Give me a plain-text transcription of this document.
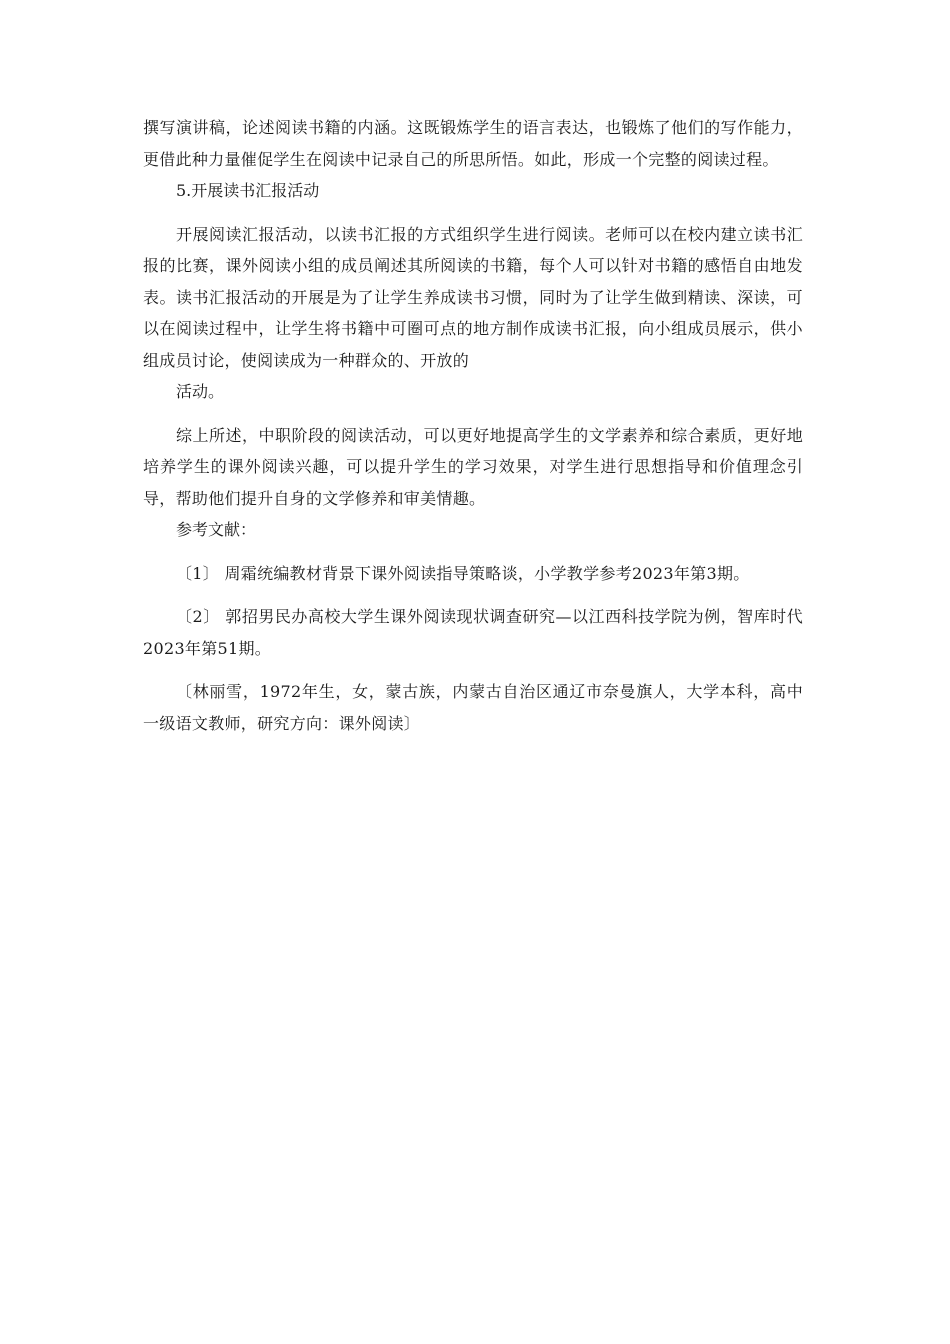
撰写演讲稿，论述阅读书籍的内涵。这既锻炼学生的语言表达，也锻炼了他们的写作能力，更借此种力量催促学生在阅读中记录自己的所思所悟。如此，形成一个完整的阅读过程。

5.开展读书汇报活动

开展阅读汇报活动，以读书汇报的方式组织学生进行阅读。老师可以在校内建立读书汇报的比赛，课外阅读小组的成员阐述其所阅读的书籍，每个人可以针对书籍的感悟自由地发表。读书汇报活动的开展是为了让学生养成读书习惯，同时为了让学生做到精读、深读，可以在阅读过程中，让学生将书籍中可圈可点的地方制作成读书汇报，向小组成员展示，供小组成员讨论，使阅读成为一种群众的、开放的

活动。

综上所述，中职阶段的阅读活动，可以更好地提高学生的文学素养和综合素质，更好地培养学生的课外阅读兴趣，可以提升学生的学习效果，对学生进行思想指导和价值理念引导，帮助他们提升自身的文学修养和审美情趣。

参考文献：

〔1〕 周霜统编教材背景下课外阅读指导策略谈，小学教学参考2023年第3期。

〔2〕 郭招男民办高校大学生课外阅读现状调查研究—以江西科技学院为例，智库时代2023年第51期。

〔林丽雪，1972年生，女，蒙古族，内蒙古自治区通辽市奈曼旗人，大学本科，高中一级语文教师，研究方向：课外阅读〕
